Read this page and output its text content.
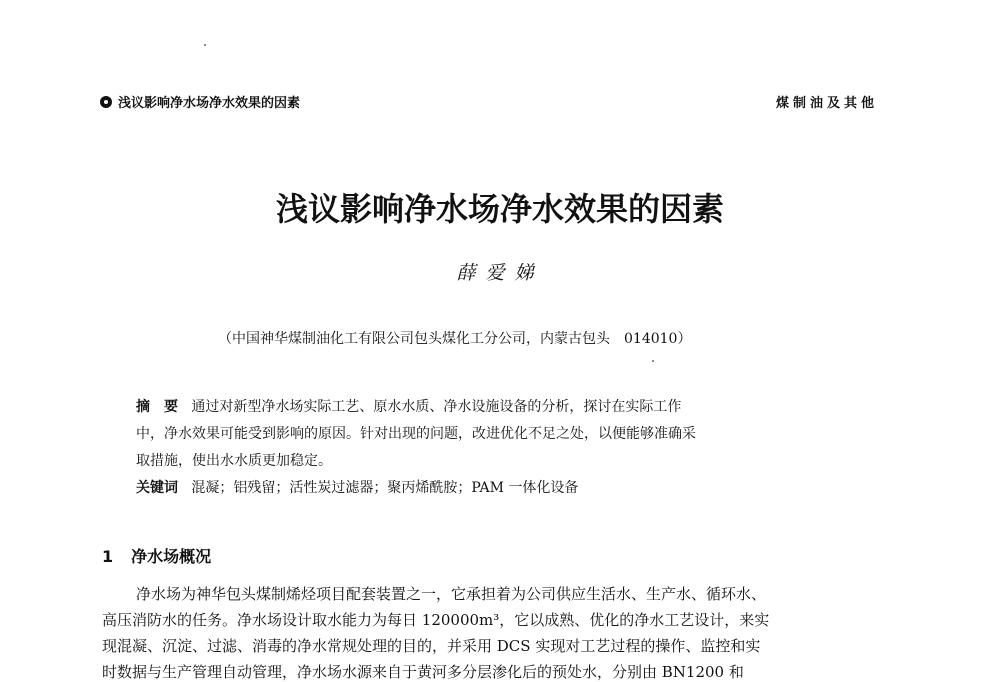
浅议影响净水场净水效果的因素	煤制油及其他
浅议影响净水场净水效果的因素
薛爱娣
（中国神华煤制油化工有限公司包头煤化工分公司，内蒙古包头　014010）
摘　要 通过对新型净水场实际工艺、原水水质、净水设施设备的分析，探讨在实际工作
中，净水效果可能受到影响的原因。针对出现的问题，改进优化不足之处，以便能够准确采
取措施，使出水水质更加稳定。
关键词 混凝；铝残留；活性炭过滤器；聚丙烯酰胺；PAM 一体化设备
1 净水场概况
净水场为神华包头煤制烯烃项目配套装置之一，它承担着为公司供应生活水、生产水、循环水、
高压消防水的任务。净水场设计取水能力为每日 120000m³，它以成熟、优化的净水工艺设计，来实
现混凝、沉淀、过滤、消毒的净水常规处理的目的，并采用 DCS 实现对工艺过程的操作、监控和实
时数据与生产管理自动管理，净水场水源来自于黄河多分层渗化后的预处水，分别由 BN1200 和
